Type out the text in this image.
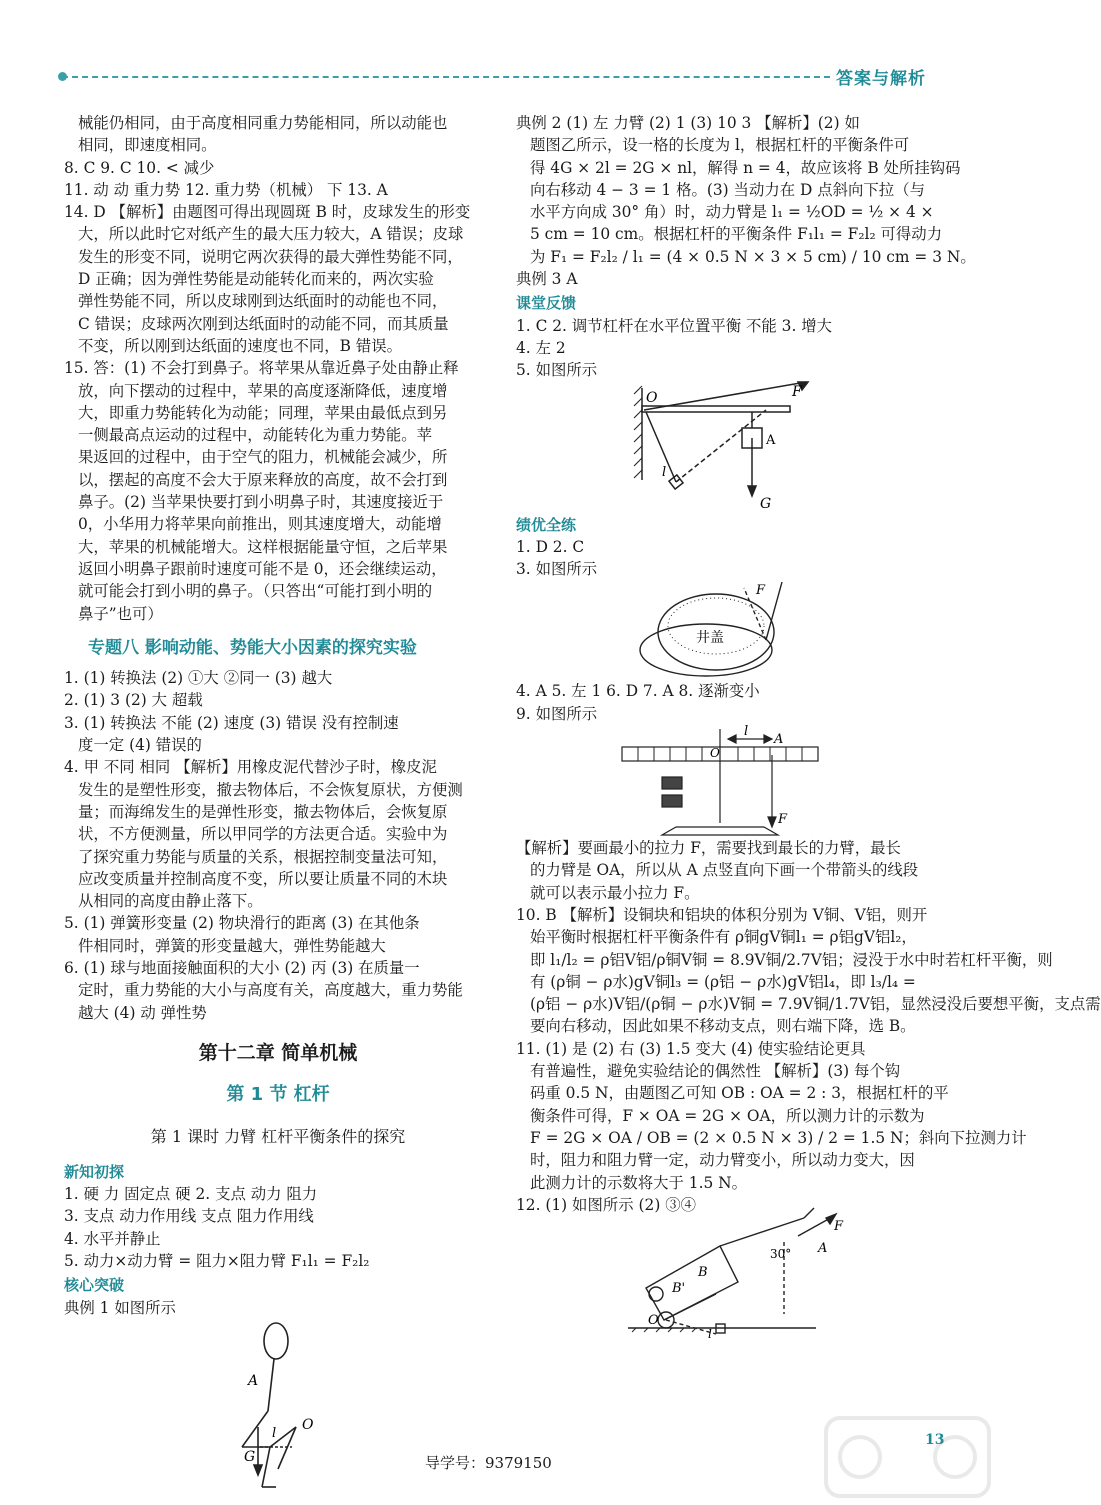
答案与解析
械能仍相同，由于高度相同重力势能相同，所以动能也
相同，即速度相同。
8. C 9. C 10. < 减少
11. 动 动 重力势 12. 重力势（机械） 下 13. A
14. D 【解析】由题图可得出现圆斑 B 时，皮球发生的形变
大，所以此时它对纸产生的最大压力较大，A 错误；皮球
发生的形变不同，说明它两次获得的最大弹性势能不同，
D 正确；因为弹性势能是动能转化而来的，两次实验
弹性势能不同，所以皮球刚到达纸面时的动能也不同，
C 错误；皮球两次刚到达纸面时的动能不同，而其质量
不变，所以刚到达纸面的速度也不同，B 错误。
15. 答：(1) 不会打到鼻子。将苹果从靠近鼻子处由静止释
放，向下摆动的过程中，苹果的高度逐渐降低，速度增
大，即重力势能转化为动能；同理，苹果由最低点到另
一侧最高点运动的过程中，动能转化为重力势能。苹
果返回的过程中，由于空气的阻力，机械能会减少，所
以，摆起的高度不会大于原来释放的高度，故不会打到
鼻子。(2) 当苹果快要打到小明鼻子时，其速度接近于
0，小华用力将苹果向前推出，则其速度增大，动能增
大，苹果的机械能增大。这样根据能量守恒，之后苹果
返回小明鼻子跟前时速度可能不是 0，还会继续运动，
就可能会打到小明的鼻子。（只答出“可能打到小明的
鼻子”也可）
专题八 影响动能、势能大小因素的探究实验
1. (1) 转换法 (2) ①大 ②同一 (3) 越大
2. (1) 3 (2) 大 超载
3. (1) 转换法 不能 (2) 速度 (3) 错误 没有控制速
度一定 (4) 错误的
4. 甲 不同 相同 【解析】用橡皮泥代替沙子时，橡皮泥
发生的是塑性形变，撤去物体后，不会恢复原状，方便测
量；而海绵发生的是弹性形变，撤去物体后，会恢复原
状，不方便测量，所以甲同学的方法更合适。实验中为
了探究重力势能与质量的关系，根据控制变量法可知，
应改变质量并控制高度不变，所以要让质量不同的木块
从相同的高度由静止落下。
5. (1) 弹簧形变量 (2) 物块滑行的距离 (3) 在其他条
件相同时，弹簧的形变量越大，弹性势能越大
6. (1) 球与地面接触面积的大小 (2) 丙 (3) 在质量一
定时，重力势能的大小与高度有关，高度越大，重力势能
越大 (4) 动 弹性势
第十二章 简单机械
第 1 节 杠杆
第 1 课时 力臂 杠杆平衡条件的探究
新知初探
1. 硬 力 固定点 硬 2. 支点 动力 阻力
3. 支点 动力作用线 支点 阻力作用线
4. 水平并静止
5. 动力×动力臂 = 阻力×阻力臂 F₁l₁ = F₂l₂
核心突破
典例 1 如图所示
A
G
l
O
典例 2 (1) 左 力臂 (2) 1 (3) 10 3 【解析】(2) 如
题图乙所示，设一格的长度为 l，根据杠杆的平衡条件可
得 4G × 2l = 2G × nl，解得 n = 4，故应该将 B 处所挂钩码
向右移动 4 − 3 = 1 格。(3) 当动力在 D 点斜向下拉（与
水平方向成 30° 角）时，动力臂是 l₁ = ½OD = ½ × 4 ×
5 cm = 10 cm。根据杠杆的平衡条件 F₁l₁ = F₂l₂ 可得动力
为 F₁ = F₂l₂ / l₁ = (4 × 0.5 N × 3 × 5 cm) / 10 cm = 3 N。
典例 3 A
课堂反馈
1. C 2. 调节杠杆在水平位置平衡 不能 3. 增大
4. 左 2
5. 如图所示
O	F
A
l
G
绩优全练
1. D 2. C
3. 如图所示
F
井盖
4. A 5. 左 1 6. D 7. A 8. 逐渐变小
9. 如图所示
O
A
l
F
【解析】要画最小的拉力 F，需要找到最长的力臂，最长
的力臂是 OA，所以从 A 点竖直向下画一个带箭头的线段
就可以表示最小拉力 F。
10. B 【解析】设铜块和铝块的体积分别为 V铜、V铝，则开
始平衡时根据杠杆平衡条件有 ρ铜gV铜l₁ = ρ铝gV铝l₂，
即 l₁/l₂ = ρ铝V铝/ρ铜V铜 = 8.9V铜/2.7V铝；浸没于水中时若杠杆平衡，则
有 (ρ铜 − ρ水)gV铜l₃ = (ρ铝 − ρ水)gV铝l₄，即 l₃/l₄ =
(ρ铝 − ρ水)V铝/(ρ铜 − ρ水)V铜 = 7.9V铜/1.7V铝，显然浸没后要想平衡，支点需
要向右移动，因此如果不移动支点，则右端下降，选 B。
11. (1) 是 (2) 右 (3) 1.5 变大 (4) 使实验结论更具
有普遍性，避免实验结论的偶然性 【解析】(3) 每个钩
码重 0.5 N，由题图乙可知 OB : OA = 2 : 3，根据杠杆的平
衡条件可得，F × OA = 2G × OA，所以测力计的示数为
F = 2G × OA / OB = (2 × 0.5 N × 3) / 2 = 1.5 N；斜向下拉测力计
时，阻力和阻力臂一定，动力臂变小，所以动力变大，因
此测力计的示数将大于 1.5 N。
12. (1) 如图所示 (2) ③④
F
A
B
B'
O
30°
l
导学号：9379150
13
